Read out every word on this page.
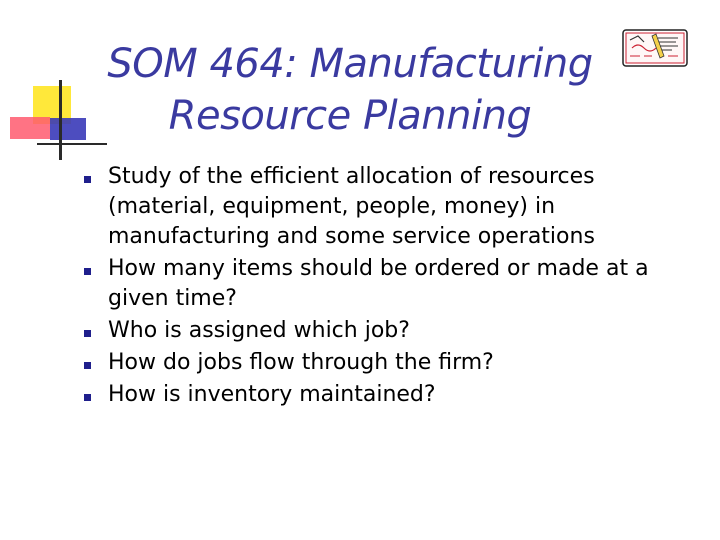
SOM 464: Manufacturing
Resource Planning
Study of the efficient allocation of resources (material, equipment, people, money) in manufacturing and some service operations
How many items should be ordered or made at a given time?
Who is assigned which job?
How do jobs flow through the firm?
How is inventory maintained?
